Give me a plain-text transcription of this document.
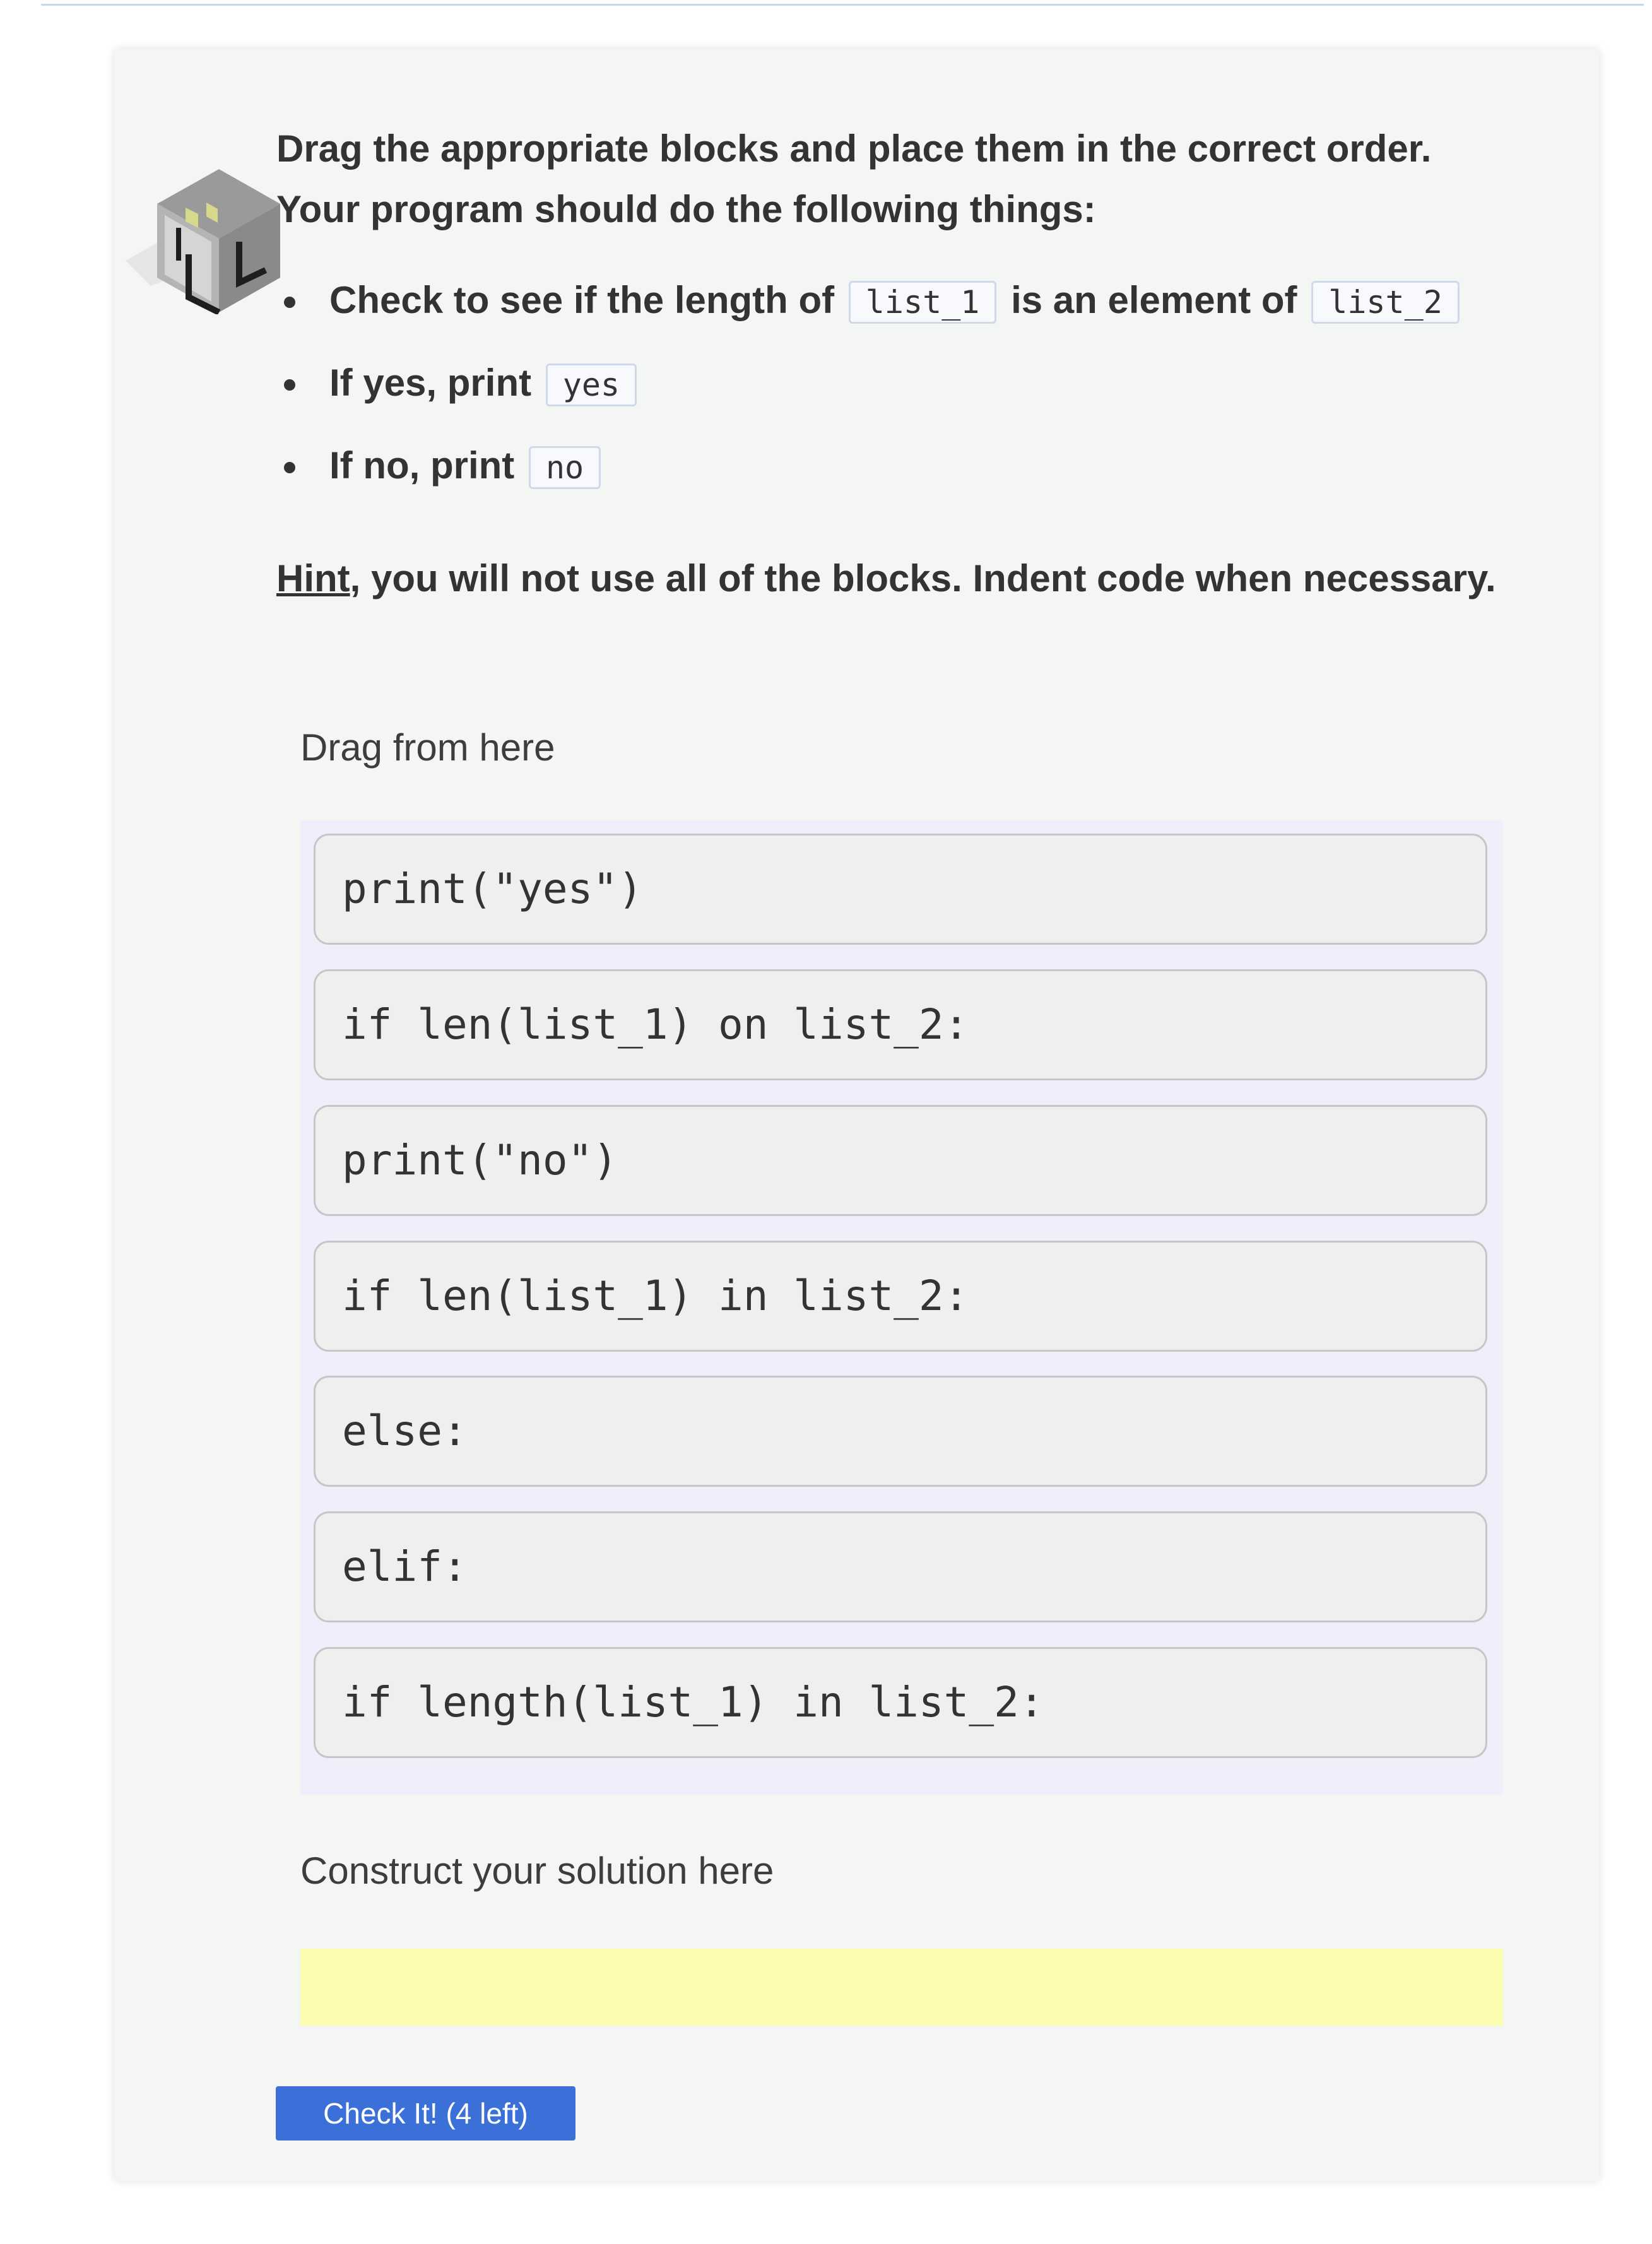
Drag the appropriate blocks and place them in the correct order.

Your program should do the following things:

Check to see if the length of list_1 is an element of list_2
If yes, print yes
If no, print no
Hint, you will not use all of the blocks. Indent code when necessary.
Drag from here
print("yes")
if len(list_1) on list_2:
print("no")
if len(list_1) in list_2:
else:
elif:
if length(list_1) in list_2:
Construct your solution here
Check It! (4 left)
